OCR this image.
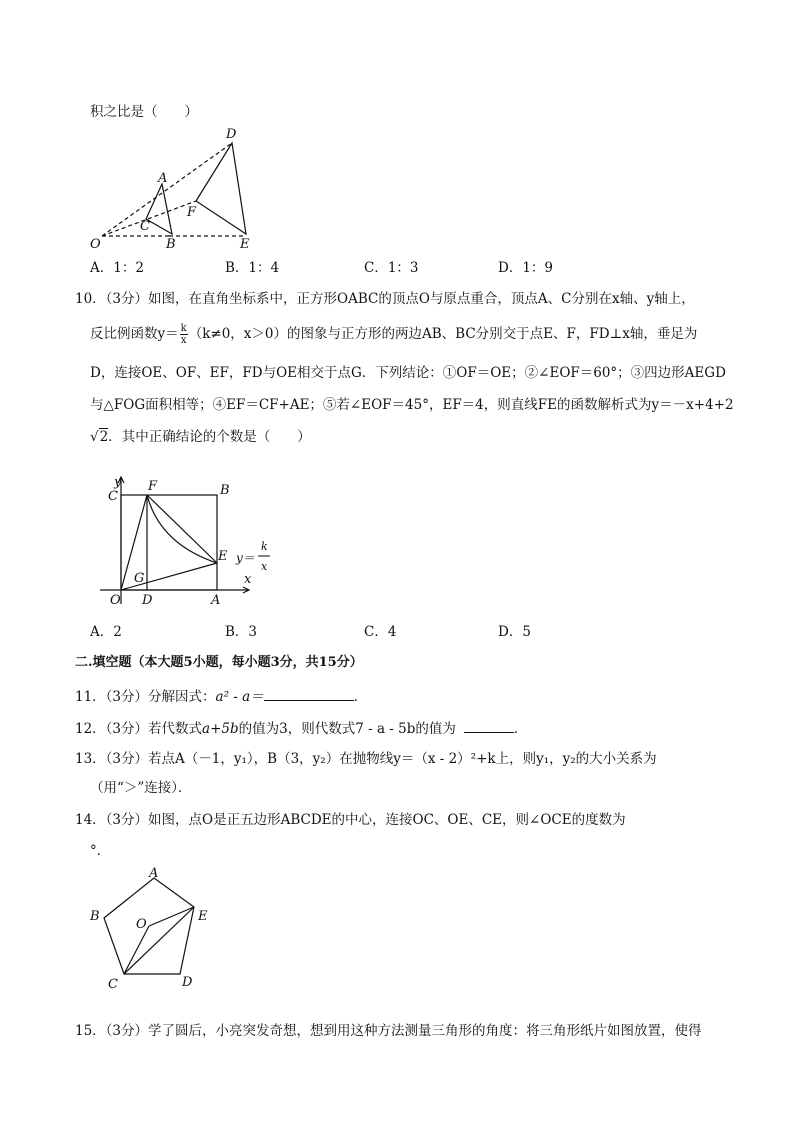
积之比是（　　）
D
A
F
C
O	B	E
A．1：2	B．1：4	C．1：3	D．1：9
10．（3分）如图，在直角坐标系中，正方形OABC的顶点O与原点重合，顶点A、C分别在x轴、y轴上，
反比例函数$y= \frac{k}{x} (k\ne 0$，x＞0）的图象与正方形的两边AB、BC分别交于点E、F，FD⊥x轴，垂足为
D，连接OE、OF、EF，FD与OE相交于点G．下列结论：①OF＝OE；②∠EOF＝60°；③四边形AEGD
与△FOG面积相等；④EF＝CF+AE；⑤若∠EOF＝45°，EF＝4，则直线FE的函数解析式为y＝－x+4+2
√2．其中正确结论的个数是（　　）
y
x
C
F	B
E
G
O D	A
y＝
k
x
A．2	B．3	C．4	D．5
二.填空题（本大题5小题，每小题3分，共15分）
11．（3分）分解因式：a² - a＝	．
12．（3分）若代数式a+5b的值为3，则代数式7 - a - 5b的值为	．
13．（3分）若点A（－1，y₁），B（3，y₂）在抛物线y＝（x - 2）²+k上，则y₁，y₂的大小关系为
（用“＞”连接）．
14．（3分）如图，点O是正五边形ABCDE的中心，连接OC、OE、CE，则∠OCE的度数为
°．
A
B
O
E
C	D
15．（3分）学了圆后，小亮突发奇想，想到用这种方法测量三角形的角度：将三角形纸片如图放置，使得
